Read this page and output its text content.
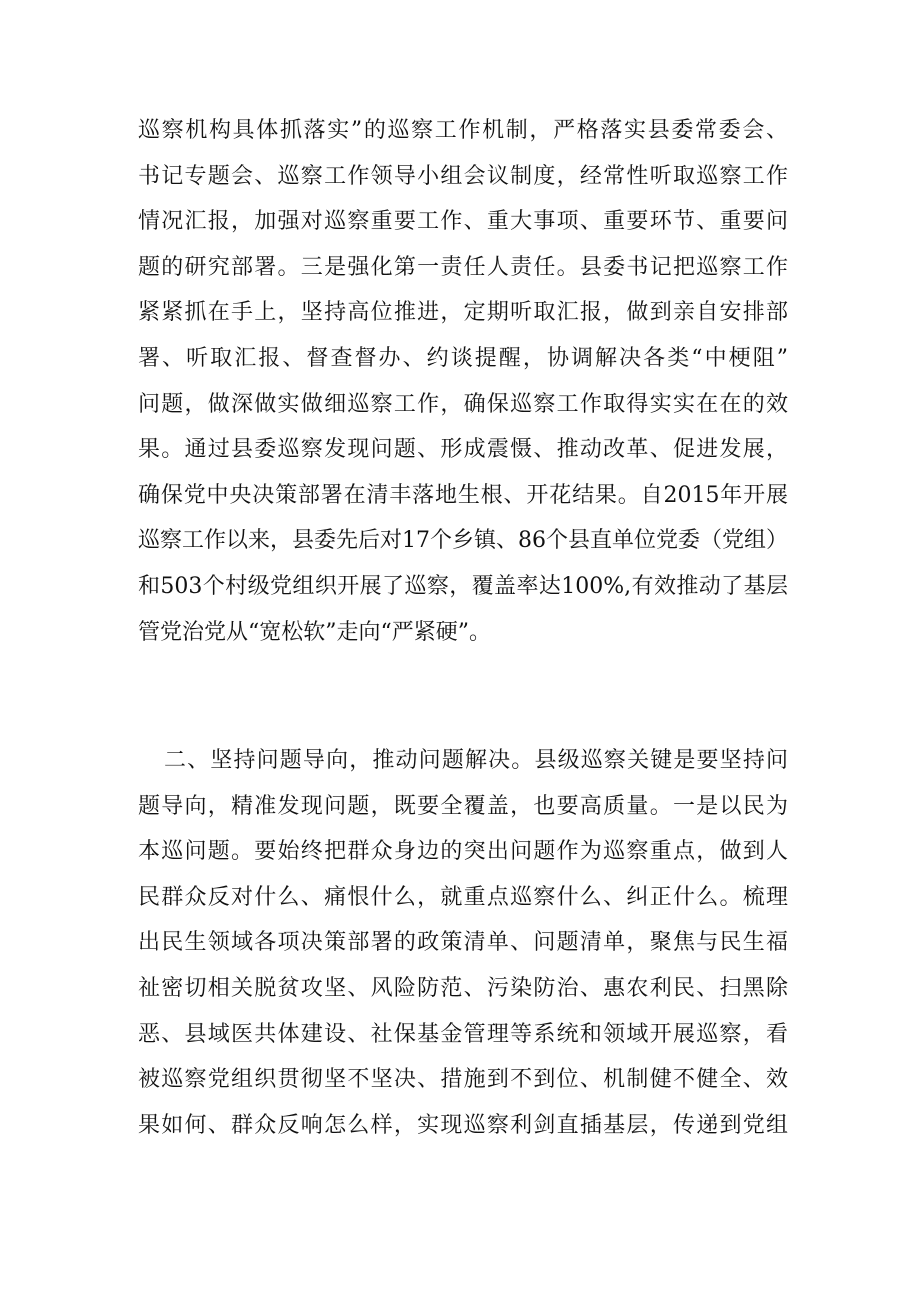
巡察机构具体抓落实”的巡察工作机制，严格落实县委常委会、
书记专题会、巡察工作领导小组会议制度，经常性听取巡察工作
情况汇报，加强对巡察重要工作、重大事项、重要环节、重要问
题的研究部署。三是强化第一责任人责任。县委书记把巡察工作
紧紧抓在手上，坚持高位推进，定期听取汇报，做到亲自安排部
署、听取汇报、督查督办、约谈提醒，协调解决各类“中梗阻”
问题，做深做实做细巡察工作，确保巡察工作取得实实在在的效
果。通过县委巡察发现问题、形成震慑、推动改革、促进发展，
确保党中央决策部署在清丰落地生根、开花结果。自2015年开展
巡察工作以来，县委先后对17个乡镇、86个县直单位党委（党组）
和503个村级党组织开展了巡察，覆盖率达100%,有效推动了基层
管党治党从“宽松软”走向“严紧硬”。
二、坚持问题导向，推动问题解决。县级巡察关键是要坚持问
题导向，精准发现问题，既要全覆盖，也要高质量。一是以民为
本巡问题。要始终把群众身边的突出问题作为巡察重点，做到人
民群众反对什么、痛恨什么，就重点巡察什么、纠正什么。梳理
出民生领域各项决策部署的政策清单、问题清单，聚焦与民生福
祉密切相关脱贫攻坚、风险防范、污染防治、惠农利民、扫黑除
恶、县域医共体建设、社保基金管理等系统和领域开展巡察，看
被巡察党组织贯彻坚不坚决、措施到不到位、机制健不健全、效
果如何、群众反响怎么样，实现巡察利剑直插基层，传递到党组
